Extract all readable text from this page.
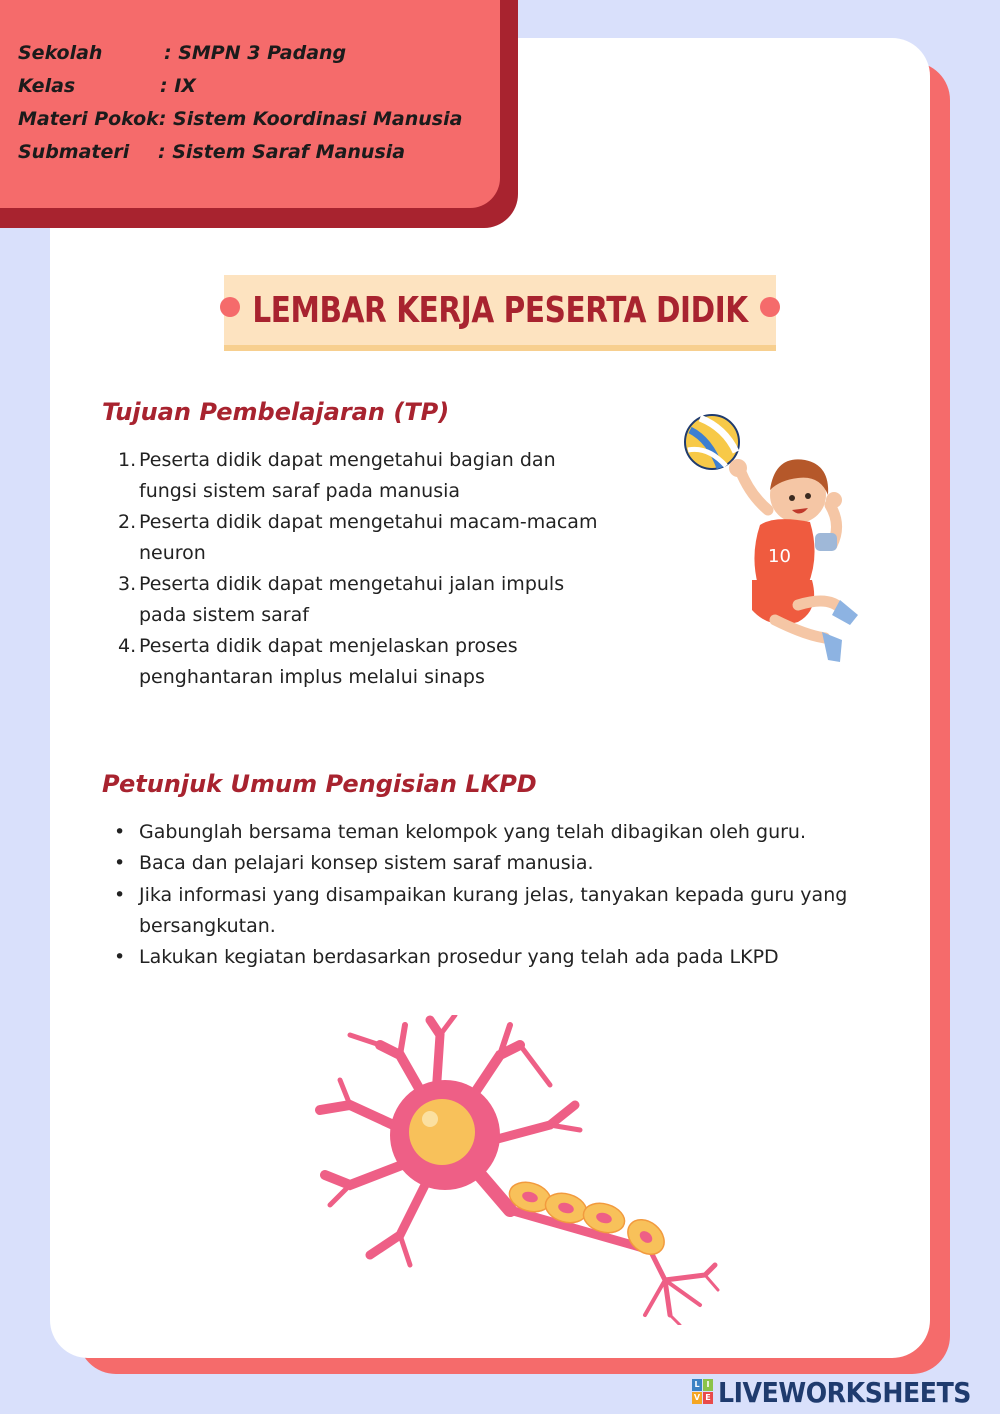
Sekolah	: SMPN 3 Padang
Kelas	: IX
Materi Pokok: Sistem Koordinasi Manusia
Submateri : Sistem Saraf Manusia
LEMBAR KERJA PESERTA DIDIK
Tujuan Pembelajaran (TP)
1. Peserta didik dapat mengetahui bagian dan
fungsi sistem saraf pada manusia
2. Peserta didik dapat mengetahui macam-macam
neuron
3. Peserta didik dapat mengetahui jalan impuls
pada sistem saraf
4. Peserta didik dapat menjelaskan proses
penghantaran implus melalui sinaps
10
Petunjuk Umum Pengisian LKPD
• Gabunglah bersama teman kelompok yang telah dibagikan oleh guru.
• Baca dan pelajari konsep sistem saraf manusia.
• Jika informasi yang disampaikan kurang jelas, tanyakan kepada guru yang
bersangkutan.
• Lakukan kegiatan berdasarkan prosedur yang telah ada pada LKPD
L I
V E LIVEWORKSHEETS
